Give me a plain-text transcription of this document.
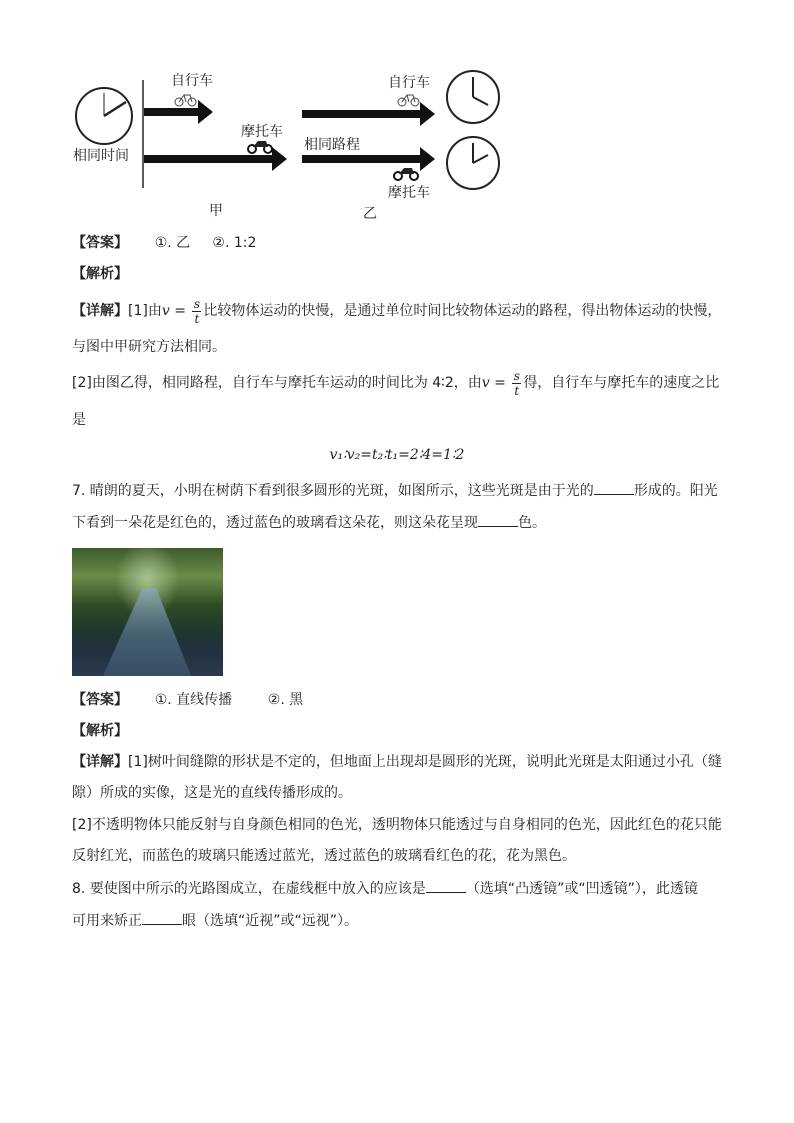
自行车
摩托车
相同时间
自行车
相同路程
摩托车
甲	乙
【答案】 ①. 乙 ②. 1:2
【解析】
【详解】[1]由$v = \frac{s}{t}$ 比较物体运动的快慢，是通过单位时间比较物体运动的路程，得出物体运动的快慢，
与图中甲研究方法相同。
[2]由图乙得，相同路程，自行车与摩托车运动的时间比为 4∶2，由$v = \frac{s}{t}$ 得，自行车与摩托车的速度之比
是
v₁∶v₂=t₂∶t₁=2∶4=1∶2
7. 晴朗的夏天，小明在树荫下看到很多圆形的光斑，如图所示，这些光斑是由于光的	形成的。阳光
下看到一朵花是红色的，透过蓝色的玻璃看这朵花，则这朵花呈现	色。
【答案】 ①. 直线传播	②. 黑
【解析】
【详解】[1]树叶间缝隙的形状是不定的，但地面上出现却是圆形的光斑，说明此光斑是太阳通过小孔（缝
隙）所成的实像，这是光的直线传播形成的。
[2]不透明物体只能反射与自身颜色相同的色光，透明物体只能透过与自身相同的色光，因此红色的花只能
反射红光，而蓝色的玻璃只能透过蓝光，透过蓝色的玻璃看红色的花，花为黑色。
8. 要使图中所示的光路图成立，在虚线框中放入的应该是	（选填“凸透镜”或“凹透镜”），此透镜
可用来矫正	眼（选填“近视”或“远视”）。
